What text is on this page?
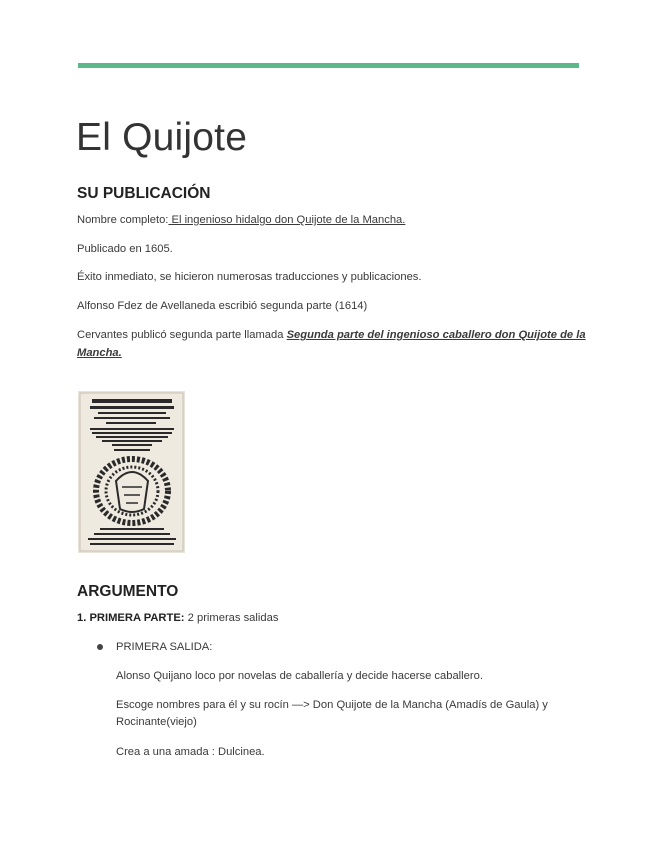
El Quijote
SU PUBLICACIÓN

Nombre completo: El ingenioso hidalgo don Quijote de la Mancha.

Publicado en 1605.

Éxito inmediato, se hicieron numerosas traducciones y publicaciones.

Alfonso Fdez de Avellaneda escribió segunda parte (1614)

Cervantes publicó segunda parte llamada Segunda parte del ingenioso caballero don Quijote de la

Mancha.

ARGUMENTO

1. PRIMERA PARTE: 2 primeras salidas

PRIMERA SALIDA:

Alonso Quijano loco por novelas de caballería y decide hacerse caballero.

Escoge nombres para él y su rocín —> Don Quijote de la Mancha (Amadís de Gaula) y

Rocinante(viejo)

Crea a una amada : Dulcinea.
